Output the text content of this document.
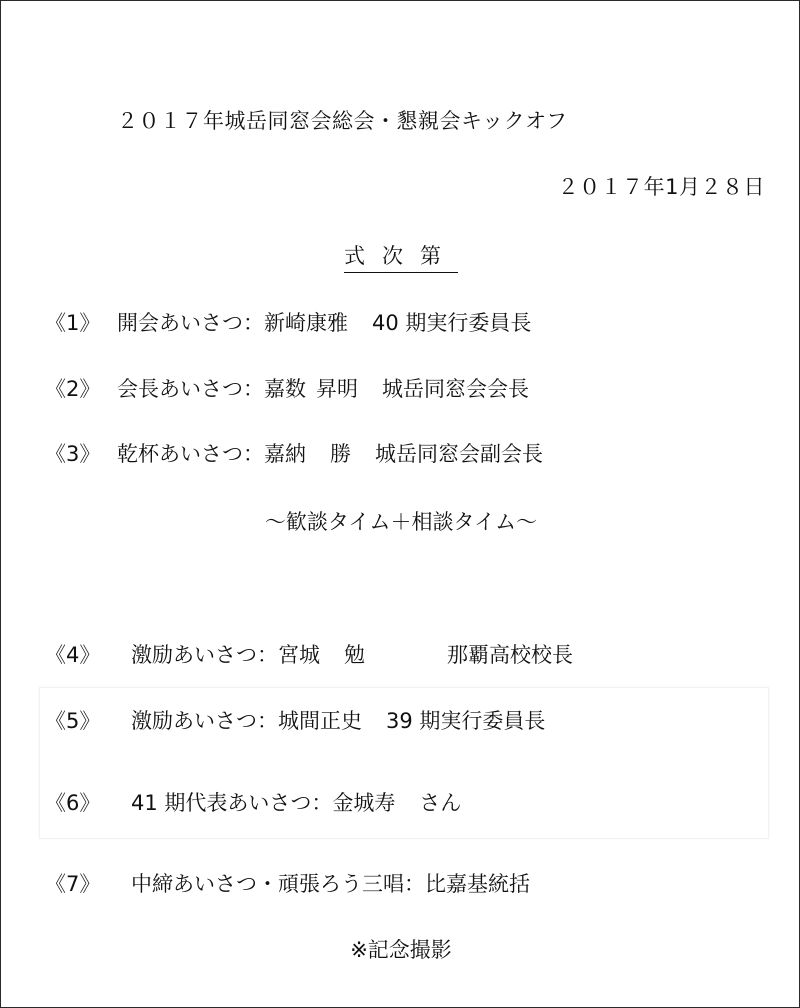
２０１７年城岳同窓会総会・懇親会キックオフ
２０１７年1月２８日
式次第
《1》 開会あいさつ：新崎康雅 40 期実行委員長
《2》 会長あいさつ：嘉数 昇明 城岳同窓会会長
《3》 乾杯あいさつ：嘉納 勝 城岳同窓会副会長
～歓談タイム＋相談タイム～
《4》 激励あいさつ：宮城 勉	那覇高校校長
《5》 激励あいさつ：城間正史 39 期実行委員長
《6》 41 期代表あいさつ：金城寿 さん
《7》 中締あいさつ・頑張ろう三唱：比嘉基統括
※記念撮影
